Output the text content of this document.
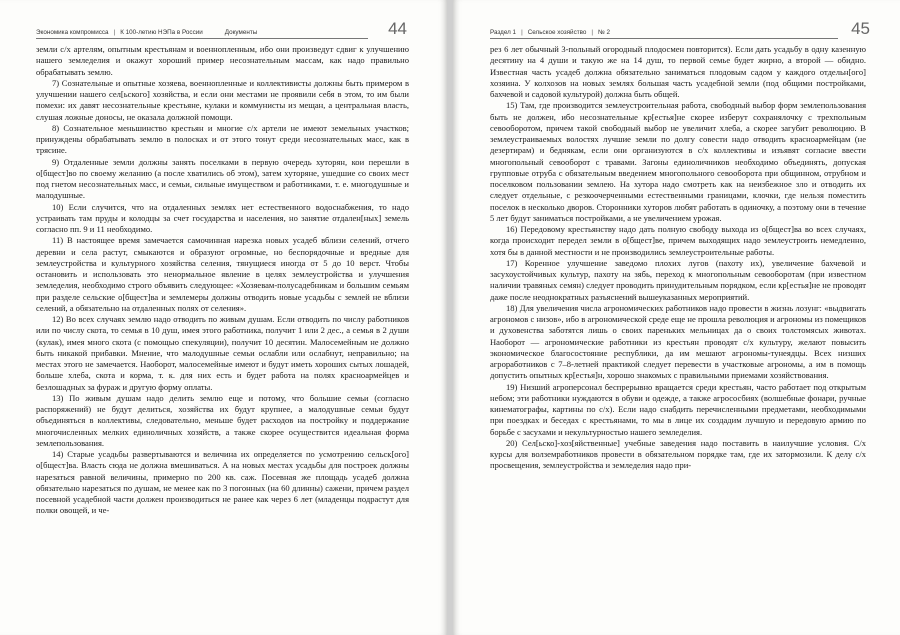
Экономика компромисса | К 100-летию НЭПа в России	Документы	44

земли с/х артелям, опытным крестьянам и военнопленным, ибо они произведут сдвиг к улучшению нашего земледелия и окажут хороший пример несознательным массам, как надо правильно обрабатывать землю.

7) Сознательные и опытные хозяева, военнопленные и коллективисты должны быть примером в улучшении нашего сел[ьского] хозяйства, и если они местами не проявили себя в этом, то им были помехи: их давят несознательные крестьяне, кулаки и коммунисты из мещан, а центральная власть, слушая ложные доносы, не оказала должной помощи.

8) Сознательное меньшинство крестьян и многие с/х артели не имеют земельных участков; принуждены обрабатывать землю в полосках и от этого тонут среди несознательных масс, как в трясине.

9) Отдаленные земли должны занять поселками в первую очередь хуторян, кои перешли в о[бщест]во по своему желанию (а после хватились об этом), затем хуторяне, ушедшие со своих мест под гнетом несознательных масс, и семьи, сильные имуществом и работниками, т. е. многодушные и малодушные.

10) Если случится, что на отдаленных землях нет естественного водоснабжения, то надо устраивать там пруды и колодцы за счет государства и населения, но занятие отдален[ных] земель согласно пп. 9 и 11 необходимо.

11) В настоящее время замечается самочинная нарезка новых усадеб вблизи селений, отчего деревни и села растут, смыкаются и образуют огромные, но беспорядочные и вредные для землеустройства и культурного хозяйства селения, тянущиеся иногда от 5 до 10 верст. Чтобы остановить и использовать это ненормальное явление в целях землеустройства и улучшения земледелия, необходимо строго объявить следующее: «Хозяевам-полусадебникам и большим семьям при разделе сельские о[бщест]ва и землемеры должны отводить новые усадьбы с землей не вблизи селений, а обязательно на отдаленных полях от селения».

12) Во всех случаях землю надо отводить по живым душам. Если отводить по числу работников или по числу скота, то семья в 10 душ, имея этого работника, получит 1 или 2 дес., а семья в 2 души (кулак), имея много скота (с помощью спекуляции), получит 10 десятин. Малосемейным не должно быть никакой прибавки. Мнение, что малодушные семьи ослабли или ослабнут, неправильно; на местах этого не замечается. Наоборот, малосемейные имеют и будут иметь хороших сытых лошадей, больше хлеба, скота и корма, т. к. для них есть и будет работа на полях красноармейцев и безлошадных за фураж и другую форму оплаты.

13) По живым душам надо делить землю еще и потому, что большие семьи (согласно распоряжений) не будут делиться, хозяйства их будут крупнее, а малодушные семьи будут объединяться в коллективы, следовательно, меньше будет расходов на постройку и поддержание многочисленных мелких единоличных хозяйств, а также скорее осуществится идеальная форма землепользования.

14) Старые усадьбы развертываются и величина их определяется по усмотрению сельск[ого] о[бщест]ва. Власть сюда не должна вмешиваться. А на новых местах усадьбы для построек должны нарезаться равной величины, примерно по 200 кв. саж. Посевная же площадь усадеб должна обязательно нарезаться по душам, не менее как по 3 погонных (на 60 длинны) сажени, причем раздел посевной усадебной части должен производиться не ранее как через 6 лет (младенцы подрастут для полки овощей, и че-

Раздел 1 | Сельское хозяйство | № 2	45

рез 6 лет обычный 3-польный огородный плодосмен повторится). Если дать усадьбу в одну казенную десятину на 4 души и такую же на 14 душ, то первой семье будет жирно, а второй — обидно. Известная часть усадеб должна обязательно заниматься плодовым садом у каждого отдельн[ого] хозяина. У колхозов на новых землях большая часть усадебной земли (под общими постройками, бахчевой и садовой культурой) должна быть общей.

15) Там, где производится землеустроительная работа, свободный выбор форм землепользования быть не должен, ибо несознательные кр[естья]не скорее изберут сохранялочку с трехпольным севооборотом, причем такой свободный выбор не увеличит хлеба, а скорее загубит революцию. В землеустраиваемых волостях лучшие земли по долгу совести надо отводить красноармейцам (не дезертирам) и беднякам, если они организуются в с/х коллективы и изъявят согласие ввести многопольный севооборот с травами. Загоны единоличников необходимо объединять, допуская групповые отруба с обязательным введением многопольного севооборота при общинном, отрубном и поселковом пользовании землею. На хутора надо смотреть как на неизбежное зло и отводить их следует отдельные, с резкоочерченными естественными границами, клочки, где нельзя поместить поселок в несколько дворов. Сторонники хуторов любят работать в одиночку, а поэтому они в течение 5 лет будут заниматься постройками, а не увеличением урожая.

16) Передовому крестьянству надо дать полную свободу выхода из о[бщест]ва во всех случаях, когда происходит передел земли в о[бщест]ве, причем выходящих надо землеустроить немедленно, хотя бы в данной местности и не производились землеустроительные работы.

17) Коренное улучшение заведомо плохих лугов (пахоту их), увеличение бахчевой и засухоустойчивых культур, пахоту на зябь, переход к многопольным севооборотам (при известном наличии травяных семян) следует проводить принудительным порядком, если кр[естья]не не проводят даже после неоднократных разъяснений вышеуказанных мероприятий.

18) Для увеличения числа агрономических работников надо провести в жизнь лозунг: «выдвигать агрономов с низов», ибо в агрономической среде еще не прошла революция и агрономы из помещиков и духовенства заботятся лишь о своих пареньких мельницах да о своих толстомясых животах. Наоборот — агрономические работники из крестьян проводят с/х культуру, желают повысить экономическое благосостояние республики, да им мешают агрономы-тунеядцы. Всех низших агроработников с 7–8-летней практикой следует перевести в участковые агрономы, а им в помощь допустить опытных кр[естья]н, хорошо знакомых с правильными приемами хозяйствования.

19) Низший агроперсонал беспрерывно вращается среди крестьян, часто работает под открытым небом; эти работники нуждаются в обуви и одежде, а также агрососбиях (волшебные фонари, ручные кинематографы, картины по с/х). Если надо снабдить перечисленными предметами, необходимыми при поездках и беседах с крестьянами, то мы в лице их создадим лучшую и передовую армию по борьбе с засухами и некультурностью нашего земледелия.

20) Сел[ьско]-хоз[яйственные] учебные заведения надо поставить в наилучшие условия. С/х курсы для волземработников провести в обязательном порядке там, где их затормозили. К делу с/х просвещения, землеустройства и земледелия надо при-
